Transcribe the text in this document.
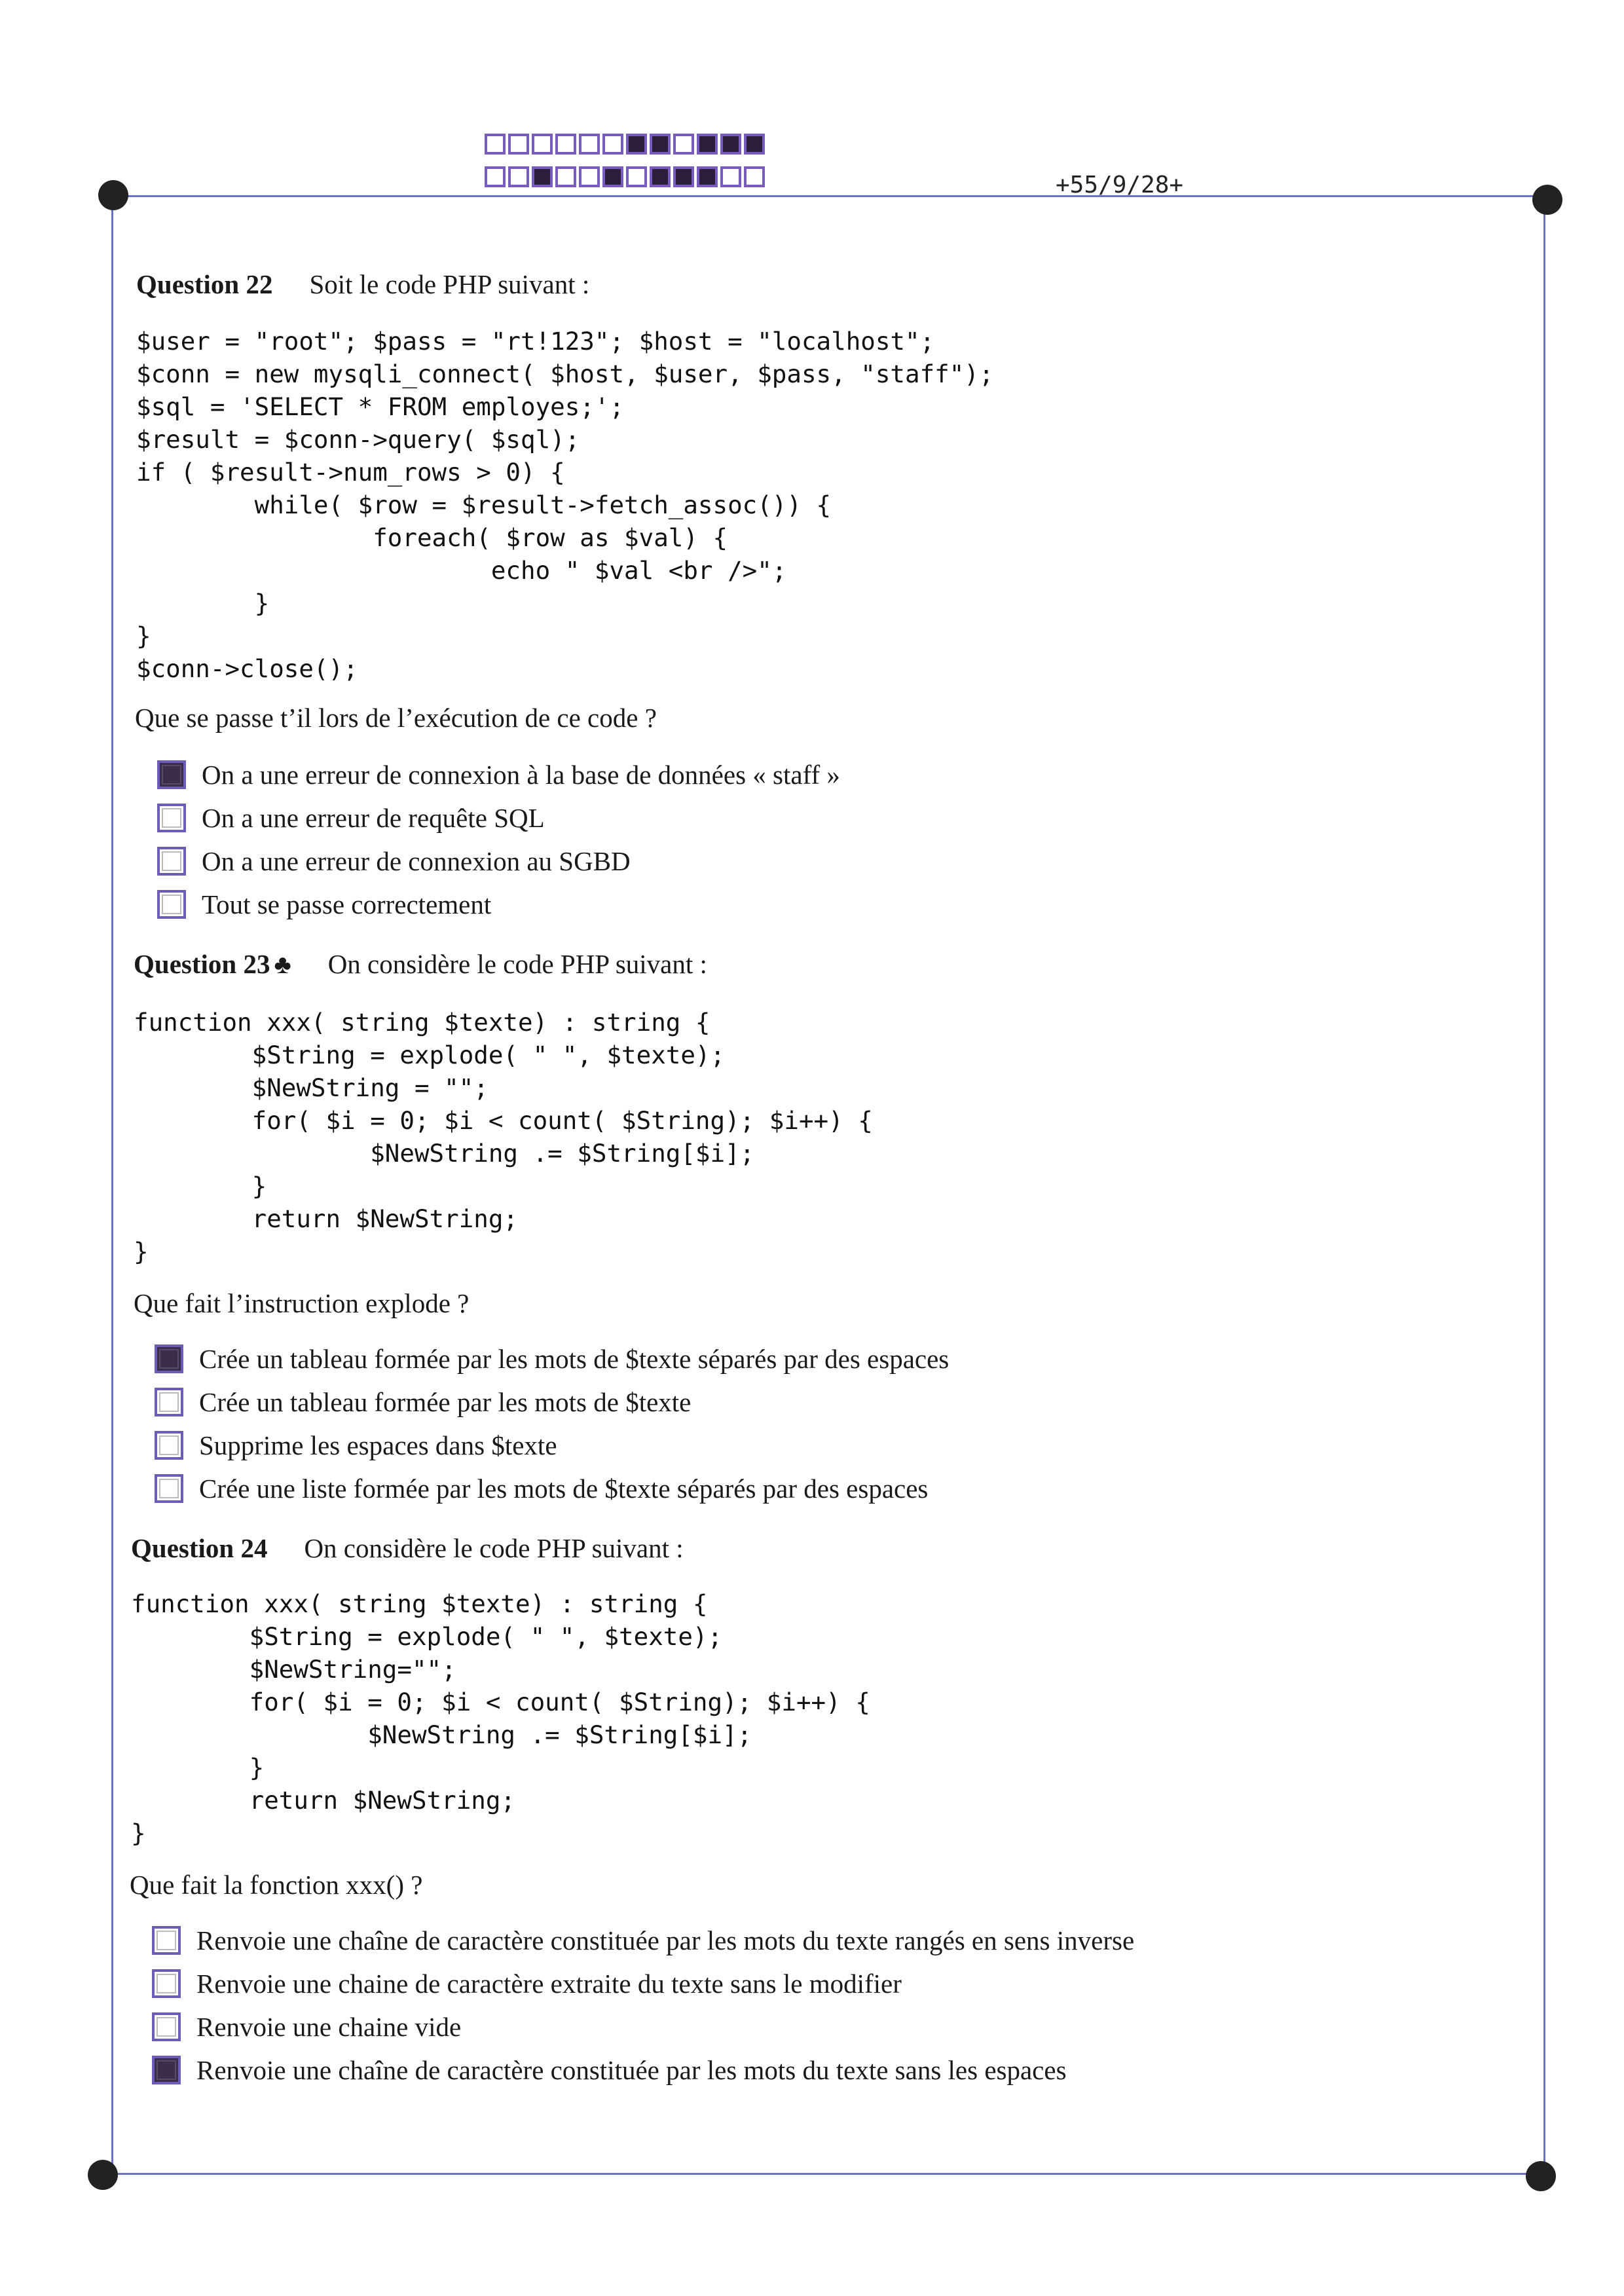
+55/9/28+
Question 22 Soit le code PHP suivant :
$user = "root"; $pass = "rt!123"; $host = "localhost";
$conn = new mysqli_connect( $host, $user, $pass, "staff");
$sql = 'SELECT * FROM employes;';
$result = $conn->query( $sql);
if ( $result->num_rows > 0) {
while( $row = $result->fetch_assoc()) {
foreach( $row as $val) {
echo " $val <br />";
}
}
$conn->close();
Que se passe t’il lors de l’exécution de ce code ?
On a une erreur de connexion à la base de données « staff »
On a une erreur de requête SQL
On a une erreur de connexion au SGBD
Tout se passe correctement
Question 23 ♣ On considère le code PHP suivant :
function xxx( string $texte) : string {
$String = explode( " ", $texte);
$NewString = "";
for( $i = 0; $i < count( $String); $i++) {
$NewString .= $String[$i];
}
return $NewString;
}
Que fait l’instruction explode ?
Crée un tableau formée par les mots de $texte séparés par des espaces
Crée un tableau formée par les mots de $texte
Supprime les espaces dans $texte
Crée une liste formée par les mots de $texte séparés par des espaces
Question 24 On considère le code PHP suivant :
function xxx( string $texte) : string {
$String = explode( " ", $texte);
$NewString="";
for( $i = 0; $i < count( $String); $i++) {
$NewString .= $String[$i];
}
return $NewString;
}
Que fait la fonction xxx() ?
Renvoie une chaîne de caractère constituée par les mots du texte rangés en sens inverse
Renvoie une chaine de caractère extraite du texte sans le modifier
Renvoie une chaine vide
Renvoie une chaîne de caractère constituée par les mots du texte sans les espaces
